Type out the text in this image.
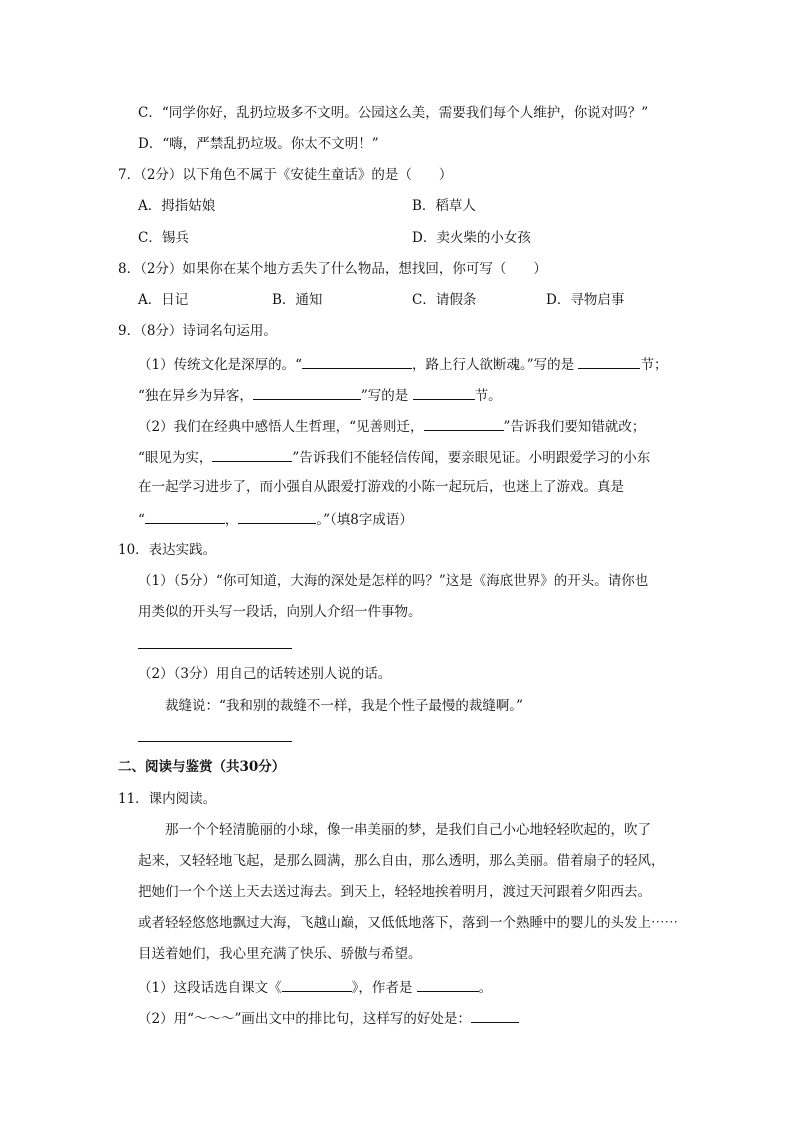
C．“同学你好，乱扔垃圾多不文明。公园这么美，需要我们每个人维护，你说对吗？”
D．“嗨，严禁乱扔垃圾。你太不文明！”
7．（2分）以下角色不属于《安徒生童话》的是（　　）
A．拇指姑娘	B．稻草人
C．锡兵	D．卖火柴的小女孩
8．（2分）如果你在某个地方丢失了什么物品，想找回，你可写（　　）
A．日记	B．通知	C．请假条	D．寻物启事
9．（8分）诗词名句运用。
（1）传统文化是深厚的。“	，路上行人欲断魂。”写的是	节；
“独在异乡为异客，	”写的是	节。
（2）我们在经典中感悟人生哲理，“见善则迁，	”告诉我们要知错就改；
“眼见为实，	”告诉我们不能轻信传闻，要亲眼见证。小明跟爱学习的小东
在一起学习进步了，而小强自从跟爱打游戏的小陈一起玩后，也迷上了游戏。真是
“	，	。”（填8字成语）
10．表达实践。
（1）（5分）“你可知道，大海的深处是怎样的吗？”这是《海底世界》的开头。请你也
用类似的开头写一段话，向别人介绍一件事物。
（2）（3分）用自己的话转述别人说的话。
裁缝说：“我和别的裁缝不一样，我是个性子最慢的裁缝啊。”
二、阅读与鉴赏（共30分）
11．课内阅读。
那一个个轻清脆丽的小球，像一串美丽的梦，是我们自己小心地轻轻吹起的，吹了
起来，又轻轻地飞起，是那么圆满，那么自由，那么透明，那么美丽。借着扇子的轻风，
把她们一个个送上天去送过海去。到天上，轻轻地挨着明月，渡过天河跟着夕阳西去。
或者轻轻悠悠地飘过大海，飞越山巅，又低低地落下，落到一个熟睡中的婴儿的头发上⋯⋯
目送着她们，我心里充满了快乐、骄傲与希望。
（1）这段话选自课文《	》，作者是	。
（2）用“～～～”画出文中的排比句，这样写的好处是：
